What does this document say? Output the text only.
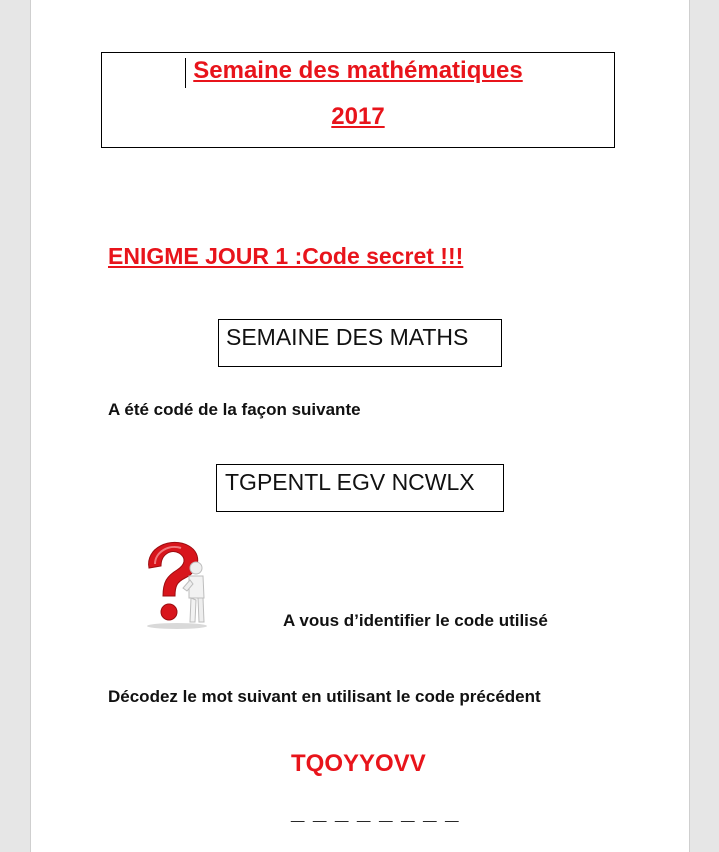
Semaine des mathématiques
2017
ENIGME JOUR 1 :Code secret !!!
SEMAINE DES MATHS
A été codé de la façon suivante
TGPENTL EGV NCWLX
A vous d’identifier le code utilisé
Décodez le mot suivant en utilisant le code précédent
TQOYYOVV
_ _ _ _ _ _ _ _
